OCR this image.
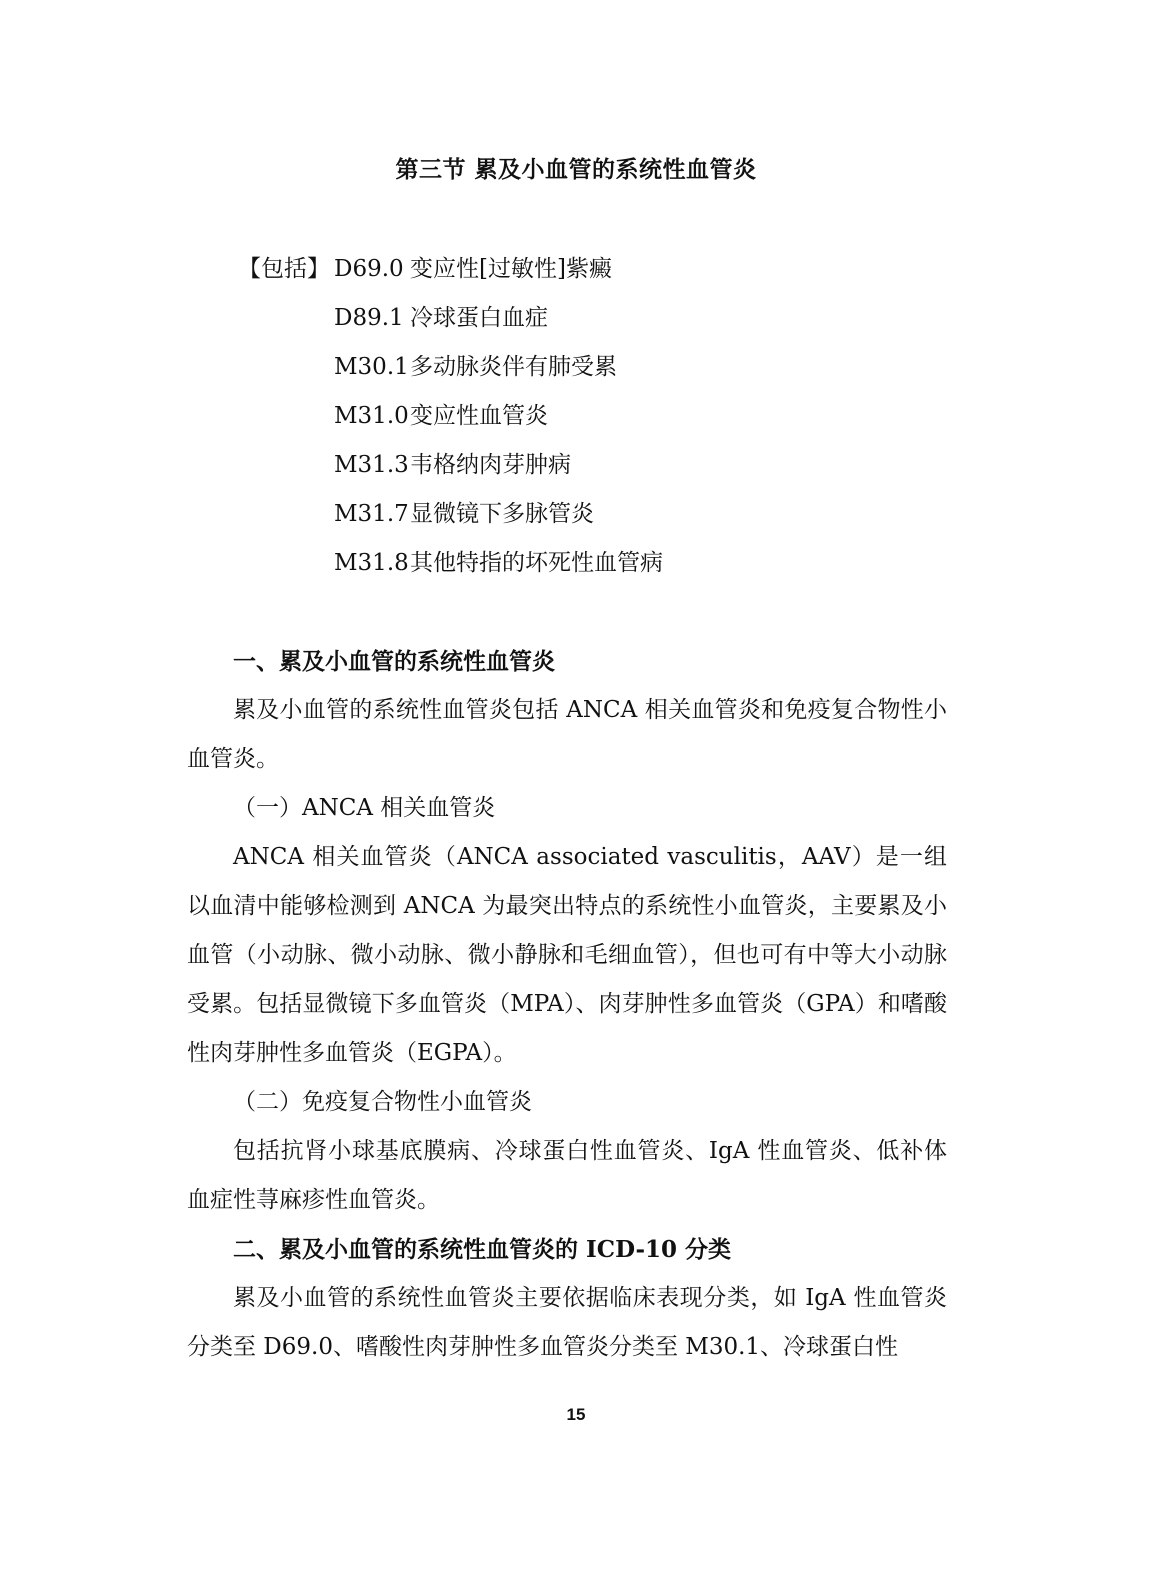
第三节 累及小血管的系统性血管炎
【包括】 D69.0 变应性[过敏性]紫癜
D89.1 冷球蛋白血症
M30.1 多动脉炎伴有肺受累
M31.0 变应性血管炎
M31.3 韦格纳肉芽肿病
M31.7 显微镜下多脉管炎
M31.8 其他特指的坏死性血管病

一、累及小血管的系统性血管炎

累及小血管的系统性血管炎包括 ANCA 相关血管炎和免疫复合物性小血管炎。

（一）ANCA 相关血管炎

ANCA 相关血管炎（ANCA associated vasculitis，AAV）是一组以血清中能够检测到 ANCA 为最突出特点的系统性小血管炎，主要累及小血管（小动脉、微小动脉、微小静脉和毛细血管），但也可有中等大小动脉受累。包括显微镜下多血管炎（MPA）、肉芽肿性多血管炎（GPA）和嗜酸性肉芽肿性多血管炎（EGPA）。

（二）免疫复合物性小血管炎

包括抗肾小球基底膜病、冷球蛋白性血管炎、IgA 性血管炎、低补体血症性荨麻疹性血管炎。

二、累及小血管的系统性血管炎的 ICD-10 分类

累及小血管的系统性血管炎主要依据临床表现分类，如 IgA 性血管炎分类至 D69.0、嗜酸性肉芽肿性多血管炎分类至 M30.1、冷球蛋白性

15
